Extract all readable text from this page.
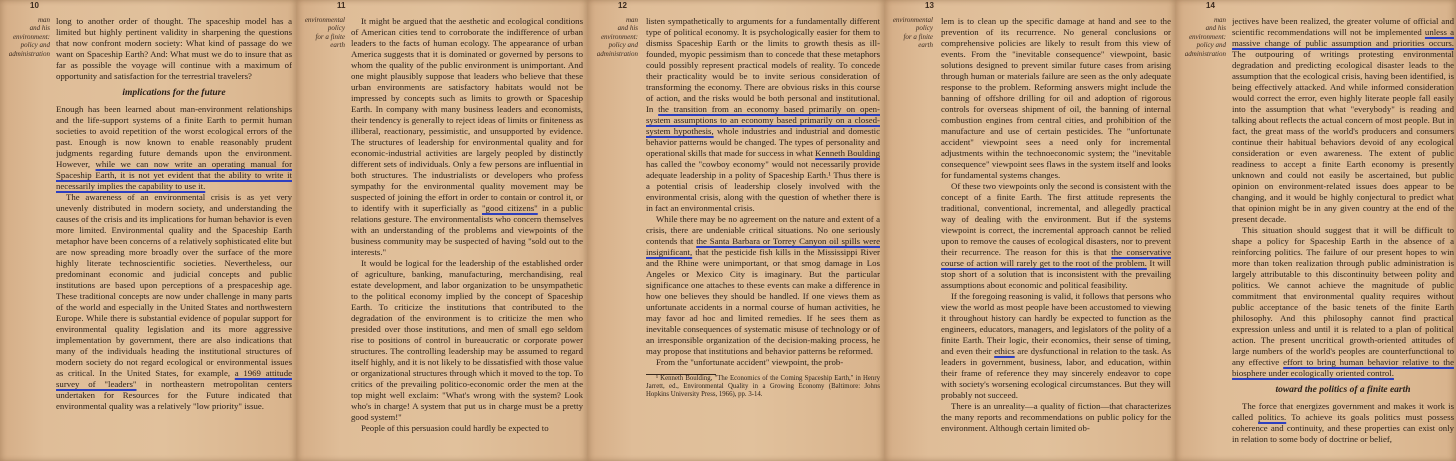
10
man
and his
environment:
policy and
administration

long to another order of thought. The spaceship model has a limited but highly pertinent validity in sharpening the questions that now confront modern society: What kind of passage do we want on Spaceship Earth? And: What must we do to insure that as far as possible the voyage will continue with a maximum of opportunity and satisfaction for the terrestrial travelers?

implications for the future

Enough has been learned about man-environment relationships and the life-support systems of a finite Earth to permit human societies to avoid repetition of the worst ecological errors of the past. Enough is now known to enable reasonably prudent judgments regarding future demands upon the environment. However, while we can now write an operating manual for Spaceship Earth, it is not yet evident that the ability to write it necessarily implies the capability to use it.

The awareness of an environmental crisis is as yet very unevenly distributed in modern society, and understanding the causes of the crisis and its implications for human behavior is even more limited. Environmental quality and the Spaceship Earth metaphor have been concerns of a relatively sophisticated elite but are now spreading more broadly over the surface of the more highly literate technoscientific societies. Nevertheless, our predominant economic and judicial concepts and public institutions are based upon perceptions of a prespaceship age. These traditional concepts are now under challenge in many parts of the world and especially in the United States and northwestern Europe. While there is substantial evidence of popular support for environmental quality legislation and its more aggressive implementation by government, there are also indications that many of the individuals heading the institutional structures of modern society do not regard ecological or environmental issues as critical. In the United States, for example, a 1969 attitude survey of "leaders" in northeastern metropolitan centers undertaken for Resources for the Future indicated that environmental quality was a relatively "low priority" issue.

11
environmental
policy
for a finite
earth

It might be argued that the aesthetic and ecological conditions of American cities tend to corroborate the indifference of urban leaders to the facts of human ecology. The appearance of urban America suggests that it is dominated or governed by persons to whom the quality of the public environment is unimportant. And one might plausibly suppose that leaders who believe that these urban environments are satisfactory habitats would not be impressed by concepts such as limits to growth or Spaceship Earth. In company with many business leaders and economists, their tendency is generally to reject ideas of limits or finiteness as illiberal, reactionary, pessimistic, and unsupported by evidence. The structures of leadership for environmental quality and for economic-industrial activities are largely peopled by distinctly different sets of individuals. Only a few persons are influential in both structures. The industrialists or developers who profess sympathy for the environmental quality movement may be suspected of joining the effort in order to contain or control it, or to identify with it superficially as "good citizens" in a public relations gesture. The environmentalists who concern themselves with an understanding of the problems and viewpoints of the business community may be suspected of having "sold out to the interests."

It would be logical for the leadership of the established order of agriculture, banking, manufacturing, merchandising, real estate development, and labor organization to be unsympathetic to the political economy implied by the concept of Spaceship Earth. To criticize the institutions that contributed to the degradation of the environment is to criticize the men who presided over those institutions, and men of small ego seldom rise to positions of control in bureaucratic or corporate power structures. The controlling leadership may be assumed to regard itself highly, and it is not likely to be dissatisfied with those value or organizational structures through which it moved to the top. To critics of the prevailing politico-economic order the men at the top might well exclaim: "What's wrong with the system? Look who's in charge! A system that put us in charge must be a pretty good system!"

People of this persuasion could hardly be expected to

12
man
and his
environment:
policy and
administration

listen sympathetically to arguments for a fundamentally different type of political economy. It is psychologically easier for them to dismiss Spaceship Earth or the limits to growth thesis as ill-founded, myopic pessimism than to concede that these metaphors could possibly represent practical models of reality. To concede their practicality would be to invite serious consideration of transforming the economy. There are obvious risks in this course of action, and the risks would be both personal and institutional. In the transition from an economy based primarily on open-system assumptions to an economy based primarily on a closed-system hypothesis, whole industries and industrial and domestic behavior patterns would be changed. The types of personality and operational skills that made for success in what Kenneth Boulding has called the "cowboy economy" would not necessarily provide adequate leadership in a polity of Spaceship Earth.¹ Thus there is a potential crisis of leadership closely involved with the environmental crisis, along with the question of whether there is in fact an environmental crisis.

While there may be no agreement on the nature and extent of a crisis, there are undeniable critical situations. No one seriously contends that the Santa Barbara or Torrey Canyon oil spills were insignificant, that the pesticide fish kills in the Mississippi River and the Rhine were unimportant, or that smog damage in Los Angeles or Mexico City is imaginary. But the particular significance one attaches to these events can make a difference in how one believes they should be handled. If one views them as unfortunate accidents in a normal course of human activities, he may favor ad hoc and limited remedies. If he sees them as inevitable consequences of systematic misuse of technology or of an irresponsible organization of the decision-making process, he may propose that institutions and behavior patterns be reformed.

From the "unfortunate accident" viewpoint, the prob-

¹ Kenneth Boulding, "The Economics of the Coming Spaceship Earth," in Henry Jarrett, ed., Environmental Quality in a Growing Economy (Baltimore: Johns Hopkins University Press, 1966), pp. 3-14.

13
environmental
policy
for a finite
earth

lem is to clean up the specific damage at hand and see to the prevention of its recurrence. No general conclusions or comprehensive policies are likely to result from this view of events. From the "inevitable consequence" viewpoint, basic solutions designed to prevent similar future cases from arising through human or materials failure are seen as the only adequate response to the problem. Reforming answers might include the banning of offshore drilling for oil and adoption of rigorous controls for overseas shipment of oil, the banning of internal combustion engines from central cities, and prohibition of the manufacture and use of certain pesticides. The "unfortunate accident" viewpoint sees a need only for incremental adjustments within the technoeconomic system; the "inevitable consequence" viewpoint sees flaws in the system itself and looks for fundamental systems changes.

Of these two viewpoints only the second is consistent with the concept of a finite Earth. The first attitude represents the traditional, conventional, incremental, and allegedly practical way of dealing with the environment. But if the systems viewpoint is correct, the incremental approach cannot be relied upon to remove the causes of ecological disasters, nor to prevent their recurrence. The reason for this is that the conservative course of action will rarely get to the root of the problem. It will stop short of a solution that is inconsistent with the prevailing assumptions about economic and political feasibility.

If the foregoing reasoning is valid, it follows that persons who view the world as most people have been accustomed to viewing it throughout history can hardly be expected to function as the engineers, educators, managers, and legislators of the polity of a finite Earth. Their logic, their economics, their sense of timing, and even their ethics are dysfunctional in relation to the task. As leaders in government, business, labor, and education, within their frame of reference they may sincerely endeavor to cope with society's worsening ecological circumstances. But they will probably not succeed.

There is an unreality—a quality of fiction—that characterizes the many reports and recommendations on public policy for the environment. Although certain limited ob-

14
man
and his
environment:
policy and
administration

jectives have been realized, the greater volume of official and scientific recommendations will not be implemented unless a massive change of public assumption and priorities occurs. The outpouring of writings protesting environmental degradation and predicting ecological disaster leads to the assumption that the ecological crisis, having been identified, is being effectively attacked. And while informed consideration would correct the error, even highly literate people fall easily into the assumption that what "everybody" is reading and talking about reflects the actual concern of most people. But in fact, the great mass of the world's producers and consumers continue their habitual behaviors devoid of any ecological consideration or even awareness. The extent of public readiness to accept a finite Earth economy is presently unknown and could not easily be ascertained, but public opinion on environment-related issues does appear to be changing, and it would be highly conjectural to predict what that opinion might be in any given country at the end of the present decade.

This situation should suggest that it will be difficult to shape a policy for Spaceship Earth in the absence of a reinforcing politics. The failure of our present hopes to win more than token realization through public administration is largely attributable to this discontinuity between polity and politics. We cannot achieve the magnitude of public commitment that environmental quality requires without public acceptance of the basic tenets of the finite Earth philosophy. And this philosophy cannot find practical expression unless and until it is related to a plan of political action. The present uncritical growth-oriented attitudes of large numbers of the world's peoples are counterfunctional to any effective effort to bring human behavior relative to the biosphere under ecologically oriented control.

toward the politics of a finite earth

The force that energizes government and makes it work is called politics. To achieve its goals politics must possess coherence and continuity, and these properties can exist only in relation to some body of doctrine or belief,
